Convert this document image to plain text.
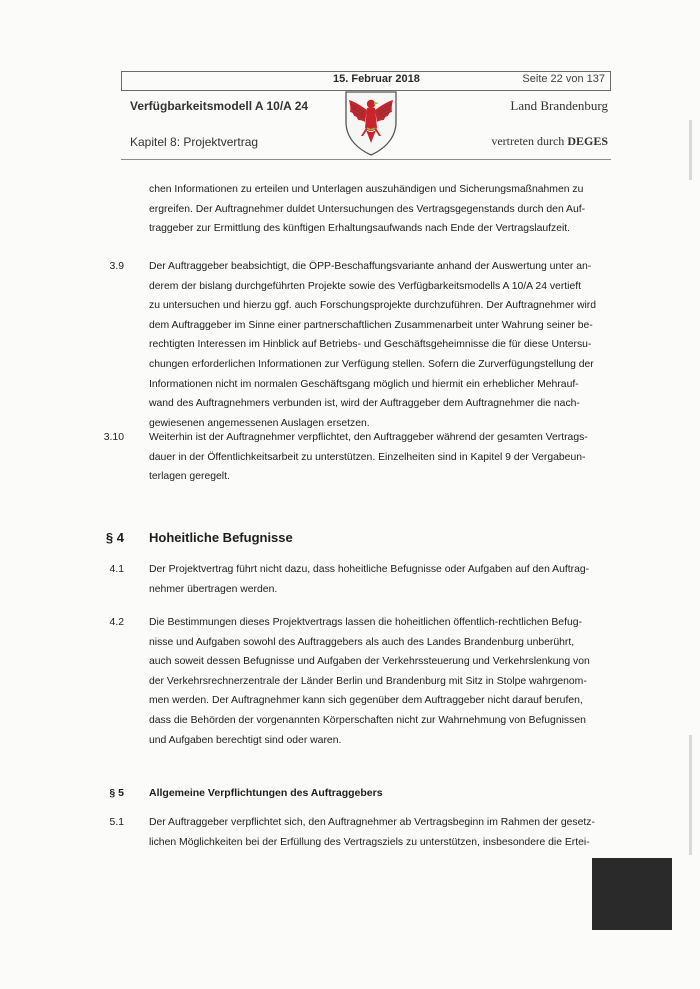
15. Februar 2018	Seite 22 von 137
Verfügbarkeitsmodell A 10/A 24
Kapitel 8: Projektvertrag
Land Brandenburg
vertreten durch DEGES
chen Informationen zu erteilen und Unterlagen auszuhändigen und Sicherungsmaßnahmen zu
ergreifen. Der Auftragnehmer duldet Untersuchungen des Vertragsgegenstands durch den Auf-
traggeber zur Ermittlung des künftigen Erhaltungsaufwands nach Ende der Vertragslaufzeit.
3.9 Der Auftraggeber beabsichtigt, die ÖPP-Beschaffungsvariante anhand der Auswertung unter an-
derem der bislang durchgeführten Projekte sowie des Verfügbarkeitsmodells A 10/A 24 vertieft
zu untersuchen und hierzu ggf. auch Forschungsprojekte durchzuführen. Der Auftragnehmer wird
dem Auftraggeber im Sinne einer partnerschaftlichen Zusammenarbeit unter Wahrung seiner be-
rechtigten Interessen im Hinblick auf Betriebs- und Geschäftsgeheimnisse die für diese Untersu-
chungen erforderlichen Informationen zur Verfügung stellen. Sofern die Zurverfügungstellung der
Informationen nicht im normalen Geschäftsgang möglich und hiermit ein erheblicher Mehrauf-
wand des Auftragnehmers verbunden ist, wird der Auftraggeber dem Auftragnehmer die nach-
gewiesenen angemessenen Auslagen ersetzen.
3.10 Weiterhin ist der Auftragnehmer verpflichtet, den Auftraggeber während der gesamten Vertrags-
dauer in der Öffentlichkeitsarbeit zu unterstützen. Einzelheiten sind in Kapitel 9 der Vergabeun-
terlagen geregelt.
§ 4 Hoheitliche Befugnisse
4.1 Der Projektvertrag führt nicht dazu, dass hoheitliche Befugnisse oder Aufgaben auf den Auftrag-
nehmer übertragen werden.
4.2 Die Bestimmungen dieses Projektvertrags lassen die hoheitlichen öffentlich-rechtlichen Befug-
nisse und Aufgaben sowohl des Auftraggebers als auch des Landes Brandenburg unberührt,
auch soweit dessen Befugnisse und Aufgaben der Verkehrssteuerung und Verkehrslenkung von
der Verkehrsrechnerzentrale der Länder Berlin und Brandenburg mit Sitz in Stolpe wahrgenom-
men werden. Der Auftragnehmer kann sich gegenüber dem Auftraggeber nicht darauf berufen,
dass die Behörden der vorgenannten Körperschaften nicht zur Wahrnehmung von Befugnissen
und Aufgaben berechtigt sind oder waren.
§ 5 Allgemeine Verpflichtungen des Auftraggebers
5.1 Der Auftraggeber verpflichtet sich, den Auftragnehmer ab Vertragsbeginn im Rahmen der gesetz-
lichen Möglichkeiten bei der Erfüllung des Vertragsziels zu unterstützen, insbesondere die Ertei-
